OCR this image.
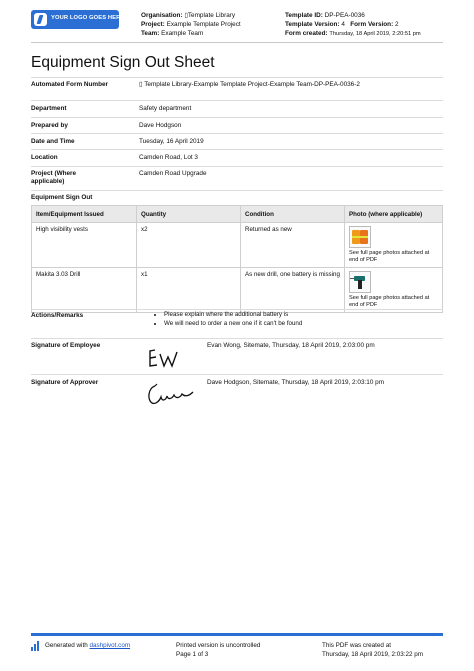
YOUR LOGO GOES HERE	Organisation: ▯Template Library
Project: Example Template Project
Team: Example Team
Template ID: DP-PEA-0036
Template Version: 4 Form Version: 2
Form created: Thursday, 18 April 2019, 2:20:51 pm
Equipment Sign Out Sheet
Automated Form Number	▯ Template Library-Example Template Project-Example Team-DP-PEA-0036-2
Department	Safety department
Prepared by	Dave Hodgson
Date and Time	Tuesday, 16 April 2019
Location	Camden Road, Lot 3
Project (Where applicable)
Camden Road Upgrade
Equipment Sign Out
Item/Equipment Issued	Quantity	Condition	Photo (where applicable)
High visibility vests	x2	Returned as new	See full page photos attached at end of PDF

Makita 3.03 Drill	x1	As new drill, one battery is missing	See full page photos attached at end of PDF
Actions/Remarks	• Please explain where the additional battery is
• We will need to order a new one if it can't be found
Signature of Employee	Evan Wong, Sitemate, Thursday, 18 April 2019, 2:03:00 pm
Signature of Approver	Dave Hodgson, Sitemate, Thursday, 18 April 2019, 2:03:10 pm
Generated with dashpivot.com	Printed version is uncontrolled
Page 1 of 3
This PDF was created at
Thursday, 18 April 2019, 2:03:22 pm
